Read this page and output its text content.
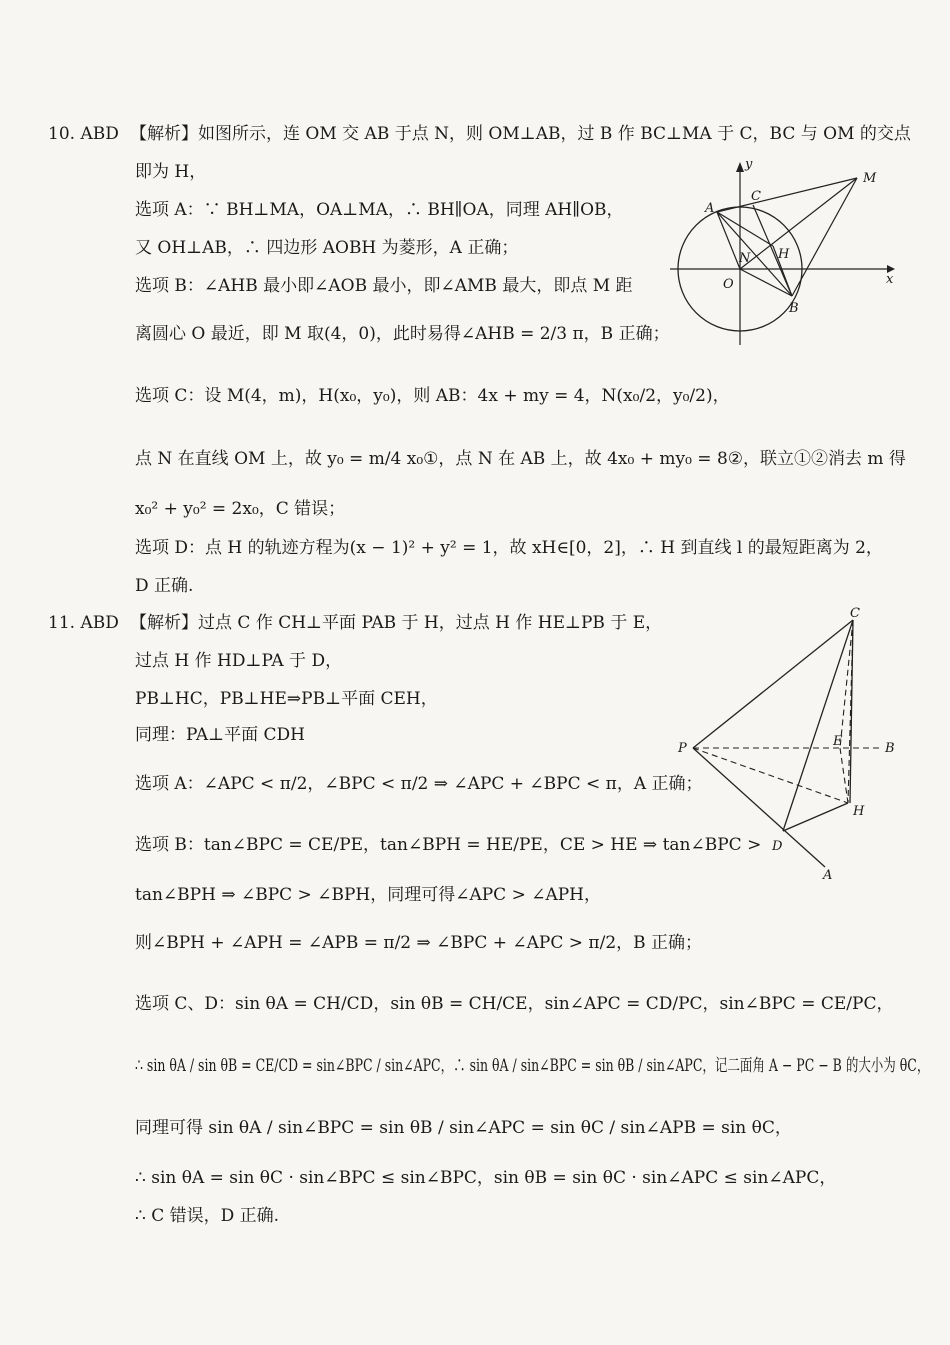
10. ABD 【解析】如图所示，连 OM 交 AB 于点 N，则 OM⊥AB，过 B 作 BC⊥MA 于 C，BC 与 OM 的交点
即为 H，
选项 A：∵ BH⊥MA，OA⊥MA，∴ BH∥OA，同理 AH∥OB，
又 OH⊥AB，∴ 四边形 AOBH 为菱形，A 正确；
选项 B：∠AHB 最小即∠AOB 最小，即∠AMB 最大，即点 M 距
离圆心 O 最近，即 M 取(4，0)，此时易得∠AHB = 2/3 π，B 正确；
选项 C：设 M(4，m)，H(x₀，y₀)，则 AB：4x + my = 4，N(x₀/2，y₀/2)，
点 N 在直线 OM 上，故 y₀ = m/4 x₀①，点 N 在 AB 上，故 4x₀ + my₀ = 8②，联立①②消去 m 得
x₀² + y₀² = 2x₀，C 错误；
选项 D：点 H 的轨迹方程为(x − 1)² + y² = 1，故 xH∈[0，2]，∴ H 到直线 l 的最短距离为 2，
D 正确.
y
M
C
A
N H
O	x
B
11. ABD 【解析】过点 C 作 CH⊥平面 PAB 于 H，过点 H 作 HE⊥PB 于 E，
过点 H 作 HD⊥PA 于 D，
PB⊥HC，PB⊥HE⇒PB⊥平面 CEH，
同理：PA⊥平面 CDH
选项 A：∠APC < π/2，∠BPC < π/2 ⇒ ∠APC + ∠BPC < π，A 正确；
选项 B：tan∠BPC = CE/PE，tan∠BPH = HE/PE，CE > HE ⇒ tan∠BPC >
tan∠BPH ⇒ ∠BPC > ∠BPH，同理可得∠APC > ∠APH，
则∠BPH + ∠APH = ∠APB = π/2 ⇒ ∠BPC + ∠APC > π/2，B 正确；
选项 C、D：sin θA = CH/CD，sin θB = CH/CE，sin∠APC = CD/PC，sin∠BPC = CE/PC，
∴ sin θA / sin θB = CE/CD = sin∠BPC / sin∠APC，∴ sin θA / sin∠BPC = sin θB / sin∠APC，记二面角 A − PC − B 的大小为 θC，
同理可得 sin θA / sin∠BPC = sin θB / sin∠APC = sin θC / sin∠APB = sin θC，
∴ sin θA = sin θC · sin∠BPC ≤ sin∠BPC，sin θB = sin θC · sin∠APC ≤ sin∠APC，
∴ C 错误，D 正确.
C
P	E	B
H
D
A
